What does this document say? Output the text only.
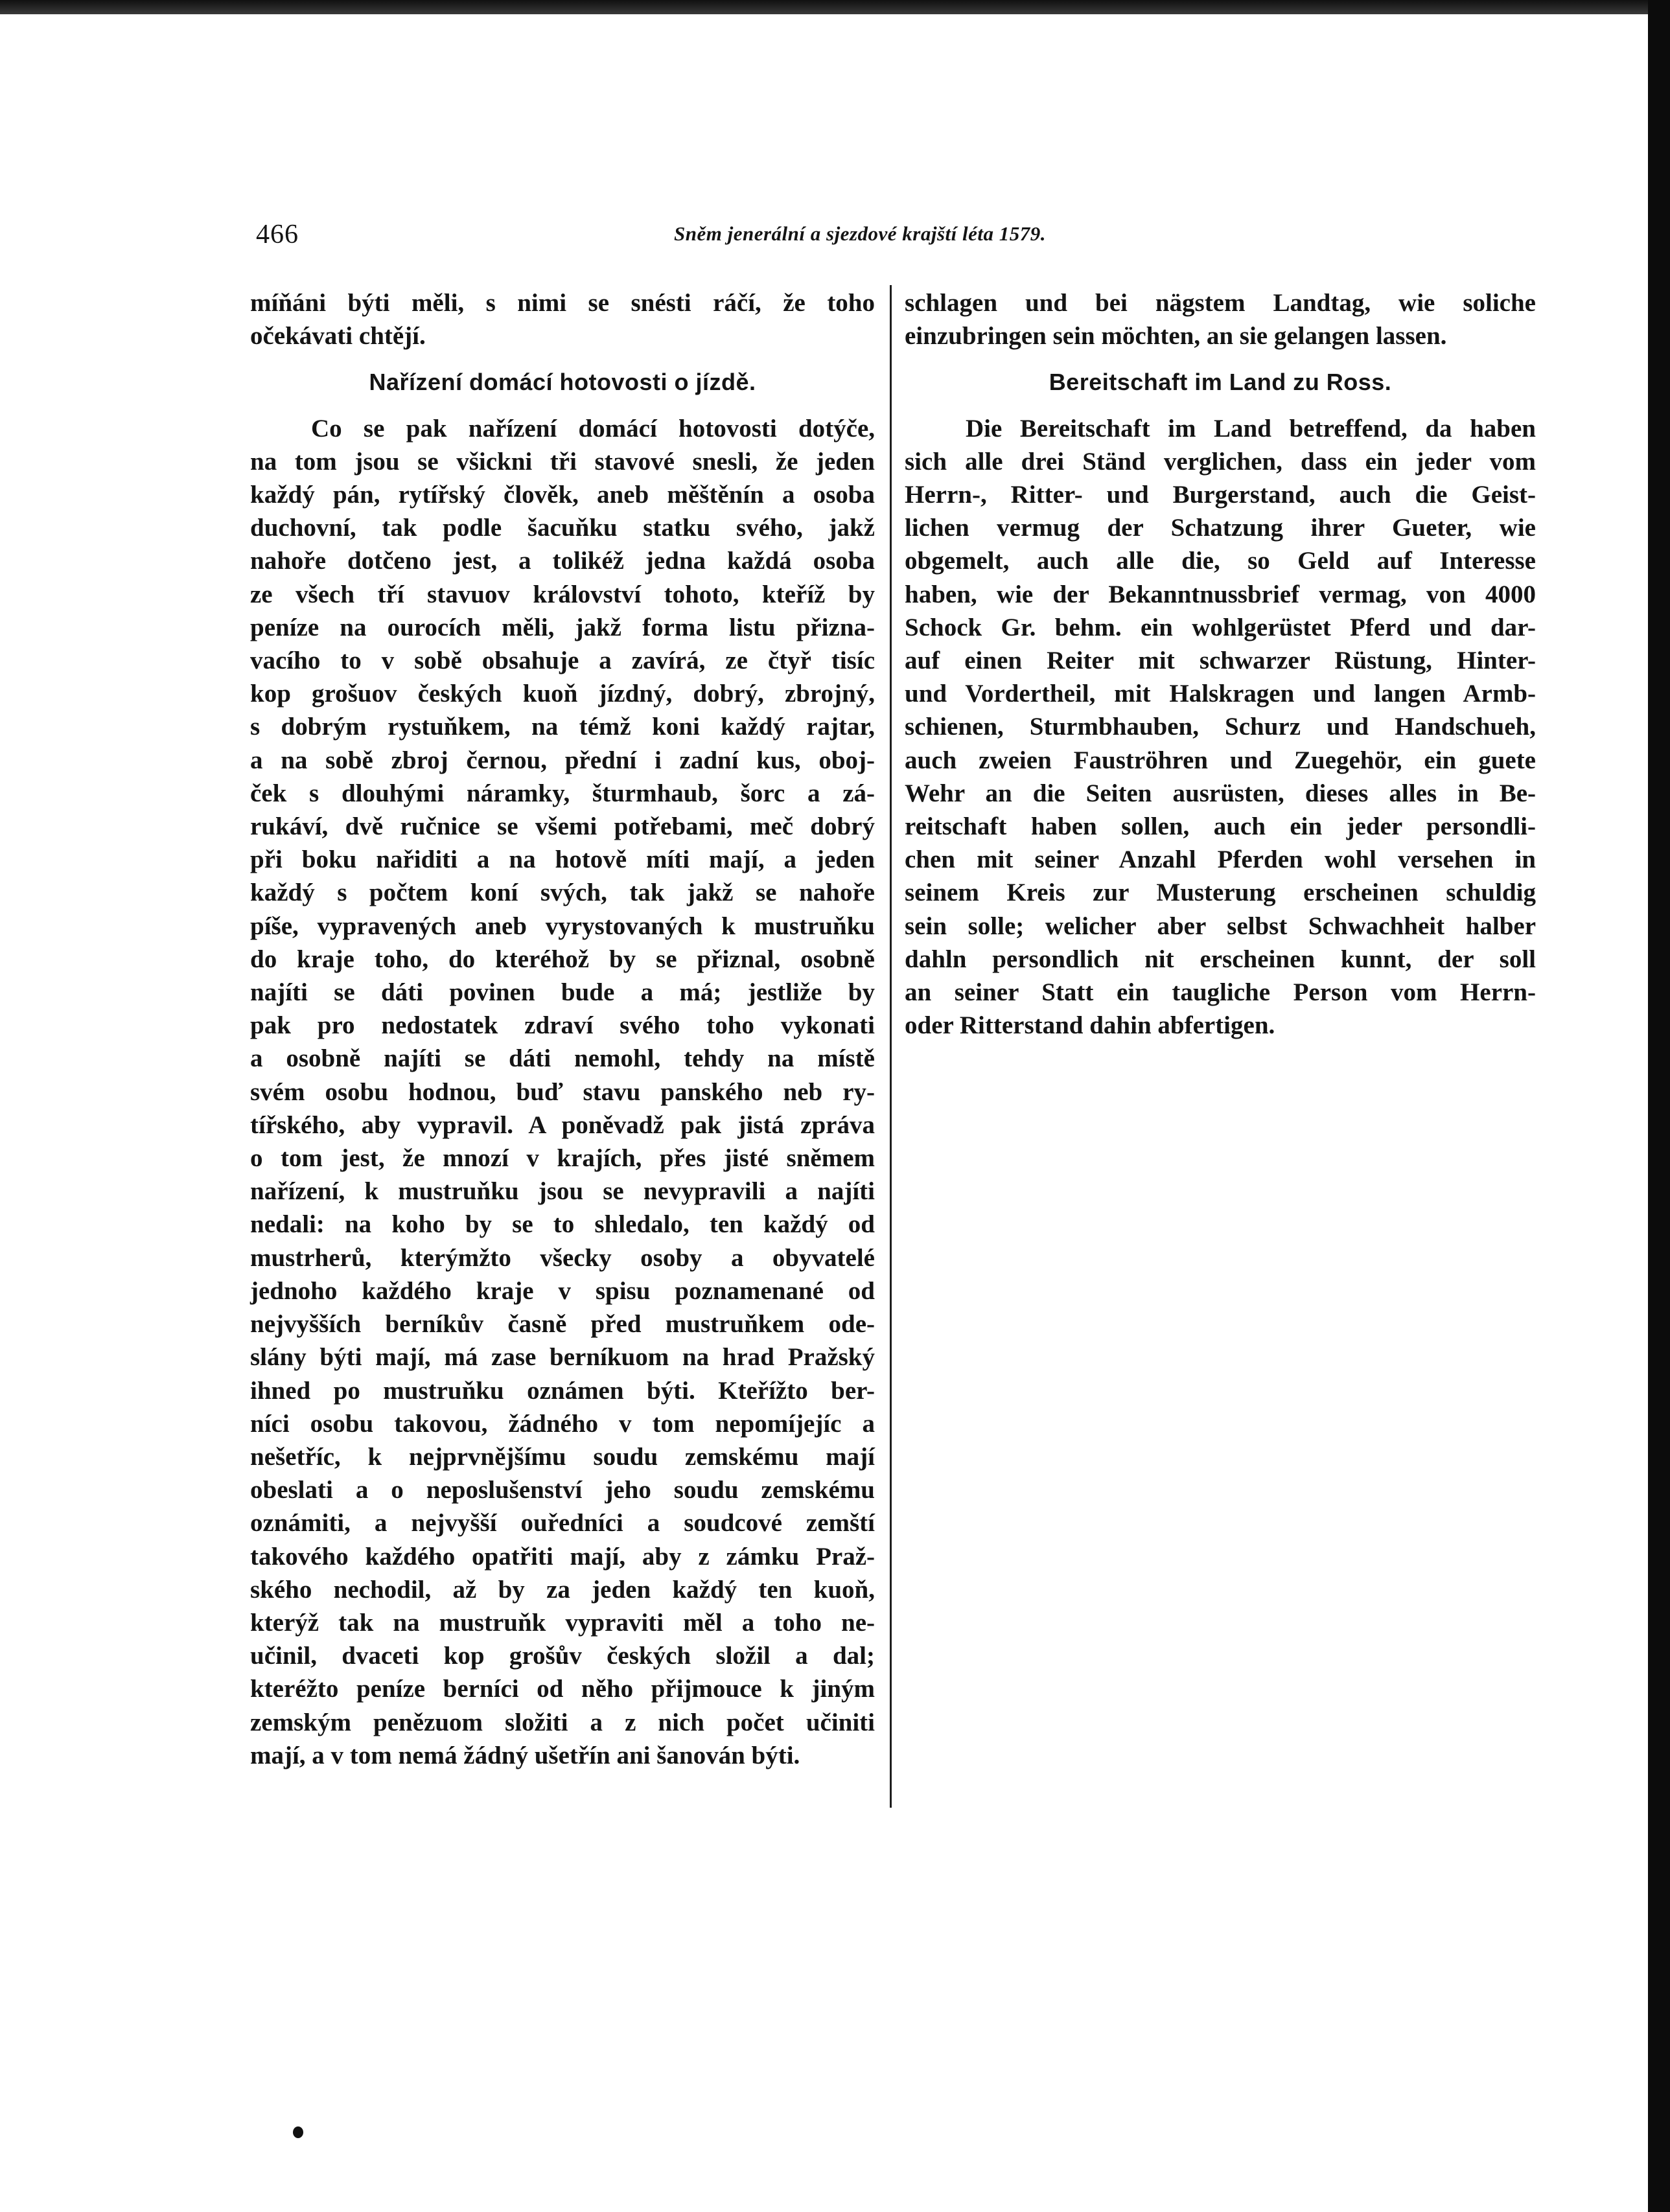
466	Sněm jenerální a sjezdové krajští léta 1579.
míňáni býti měli, s nimi se snésti ráčí, že toho
očekávati chtějí.
Nařízení domácí hotovosti o jízdě.
Co se pak nařízení domácí hotovosti dotýče,
na tom jsou se všickni tři stavové snesli, že jeden
každý pán, rytířský člověk, aneb měštěnín a osoba
duchovní, tak podle šacuňku statku svého, jakž
nahoře dotčeno jest, a tolikéž jedna každá osoba
ze všech tří stavuov království tohoto, kteříž by
peníze na ourocích měli, jakž forma listu přizna-
vacího to v sobě obsahuje a zavírá, ze čtyř tisíc
kop grošuov českých kuoň jízdný, dobrý, zbrojný,
s dobrým rystuňkem, na témž koni každý rajtar,
a na sobě zbroj černou, přední i zadní kus, oboj-
ček s dlouhými náramky, šturmhaub, šorc a zá-
rukáví, dvě ručnice se všemi potřebami, meč dobrý
při boku nařiditi a na hotově míti mají, a jeden
každý s počtem koní svých, tak jakž se nahoře
píše, vypravených aneb vyrystovaných k mustruňku
do kraje toho, do kteréhož by se přiznal, osobně
najíti se dáti povinen bude a má; jestliže by
pak pro nedostatek zdraví svého toho vykonati
a osobně najíti se dáti nemohl, tehdy na místě
svém osobu hodnou, buď stavu panského neb ry-
tířského, aby vypravil. A poněvadž pak jistá zpráva
o tom jest, že mnozí v krajích, přes jisté sněmem
nařízení, k mustruňku jsou se nevypravili a najíti
nedali: na koho by se to shledalo, ten každý od
mustrherů, kterýmžto všecky osoby a obyvatelé
jednoho každého kraje v spisu poznamenané od
nejvyšších berníkův časně před mustruňkem ode-
slány býti mají, má zase berníkuom na hrad Pražský
ihned po mustruňku oznámen býti. Kteřížto ber-
níci osobu takovou, žádného v tom nepomíjejíc a
nešetříc, k nejprvnějšímu soudu zemskému mají
obeslati a o neposlušenství jeho soudu zemskému
oznámiti, a nejvyšší ouředníci a soudcové zemští
takového každého opatřiti mají, aby z zámku Praž-
ského nechodil, až by za jeden každý ten kuoň,
kterýž tak na mustruňk vypraviti měl a toho ne-
učinil, dvaceti kop grošův českých složil a dal;
kteréžto peníze berníci od něho přijmouce k jiným
zemským penězuom složiti a z nich počet učiniti
mají, a v tom nemá žádný ušetřín ani šanován býti.
schlagen und bei nägstem Landtag, wie soliche
einzubringen sein möchten, an sie gelangen lassen.
Bereitschaft im Land zu Ross.
Die Bereitschaft im Land betreffend, da haben
sich alle drei Ständ verglichen, dass ein jeder vom
Herrn-, Ritter- und Burgerstand, auch die Geist-
lichen vermug der Schatzung ihrer Gueter, wie
obgemelt, auch alle die, so Geld auf Interesse
haben, wie der Bekanntnussbrief vermag, von 4000
Schock Gr. behm. ein wohlgerüstet Pferd und dar-
auf einen Reiter mit schwarzer Rüstung, Hinter-
und Vordertheil, mit Halskragen und langen Armb-
schienen, Sturmbhauben, Schurz und Handschueh,
auch zweien Fauströhren und Zuegehör, ein guete
Wehr an die Seiten ausrüsten, dieses alles in Be-
reitschaft haben sollen, auch ein jeder persondli-
chen mit seiner Anzahl Pferden wohl versehen in
seinem Kreis zur Musterung erscheinen schuldig
sein solle; welicher aber selbst Schwachheit halber
dahln persondlich nit erscheinen kunnt, der soll
an seiner Statt ein taugliche Person vom Herrn-
oder Ritterstand dahin abfertigen.
